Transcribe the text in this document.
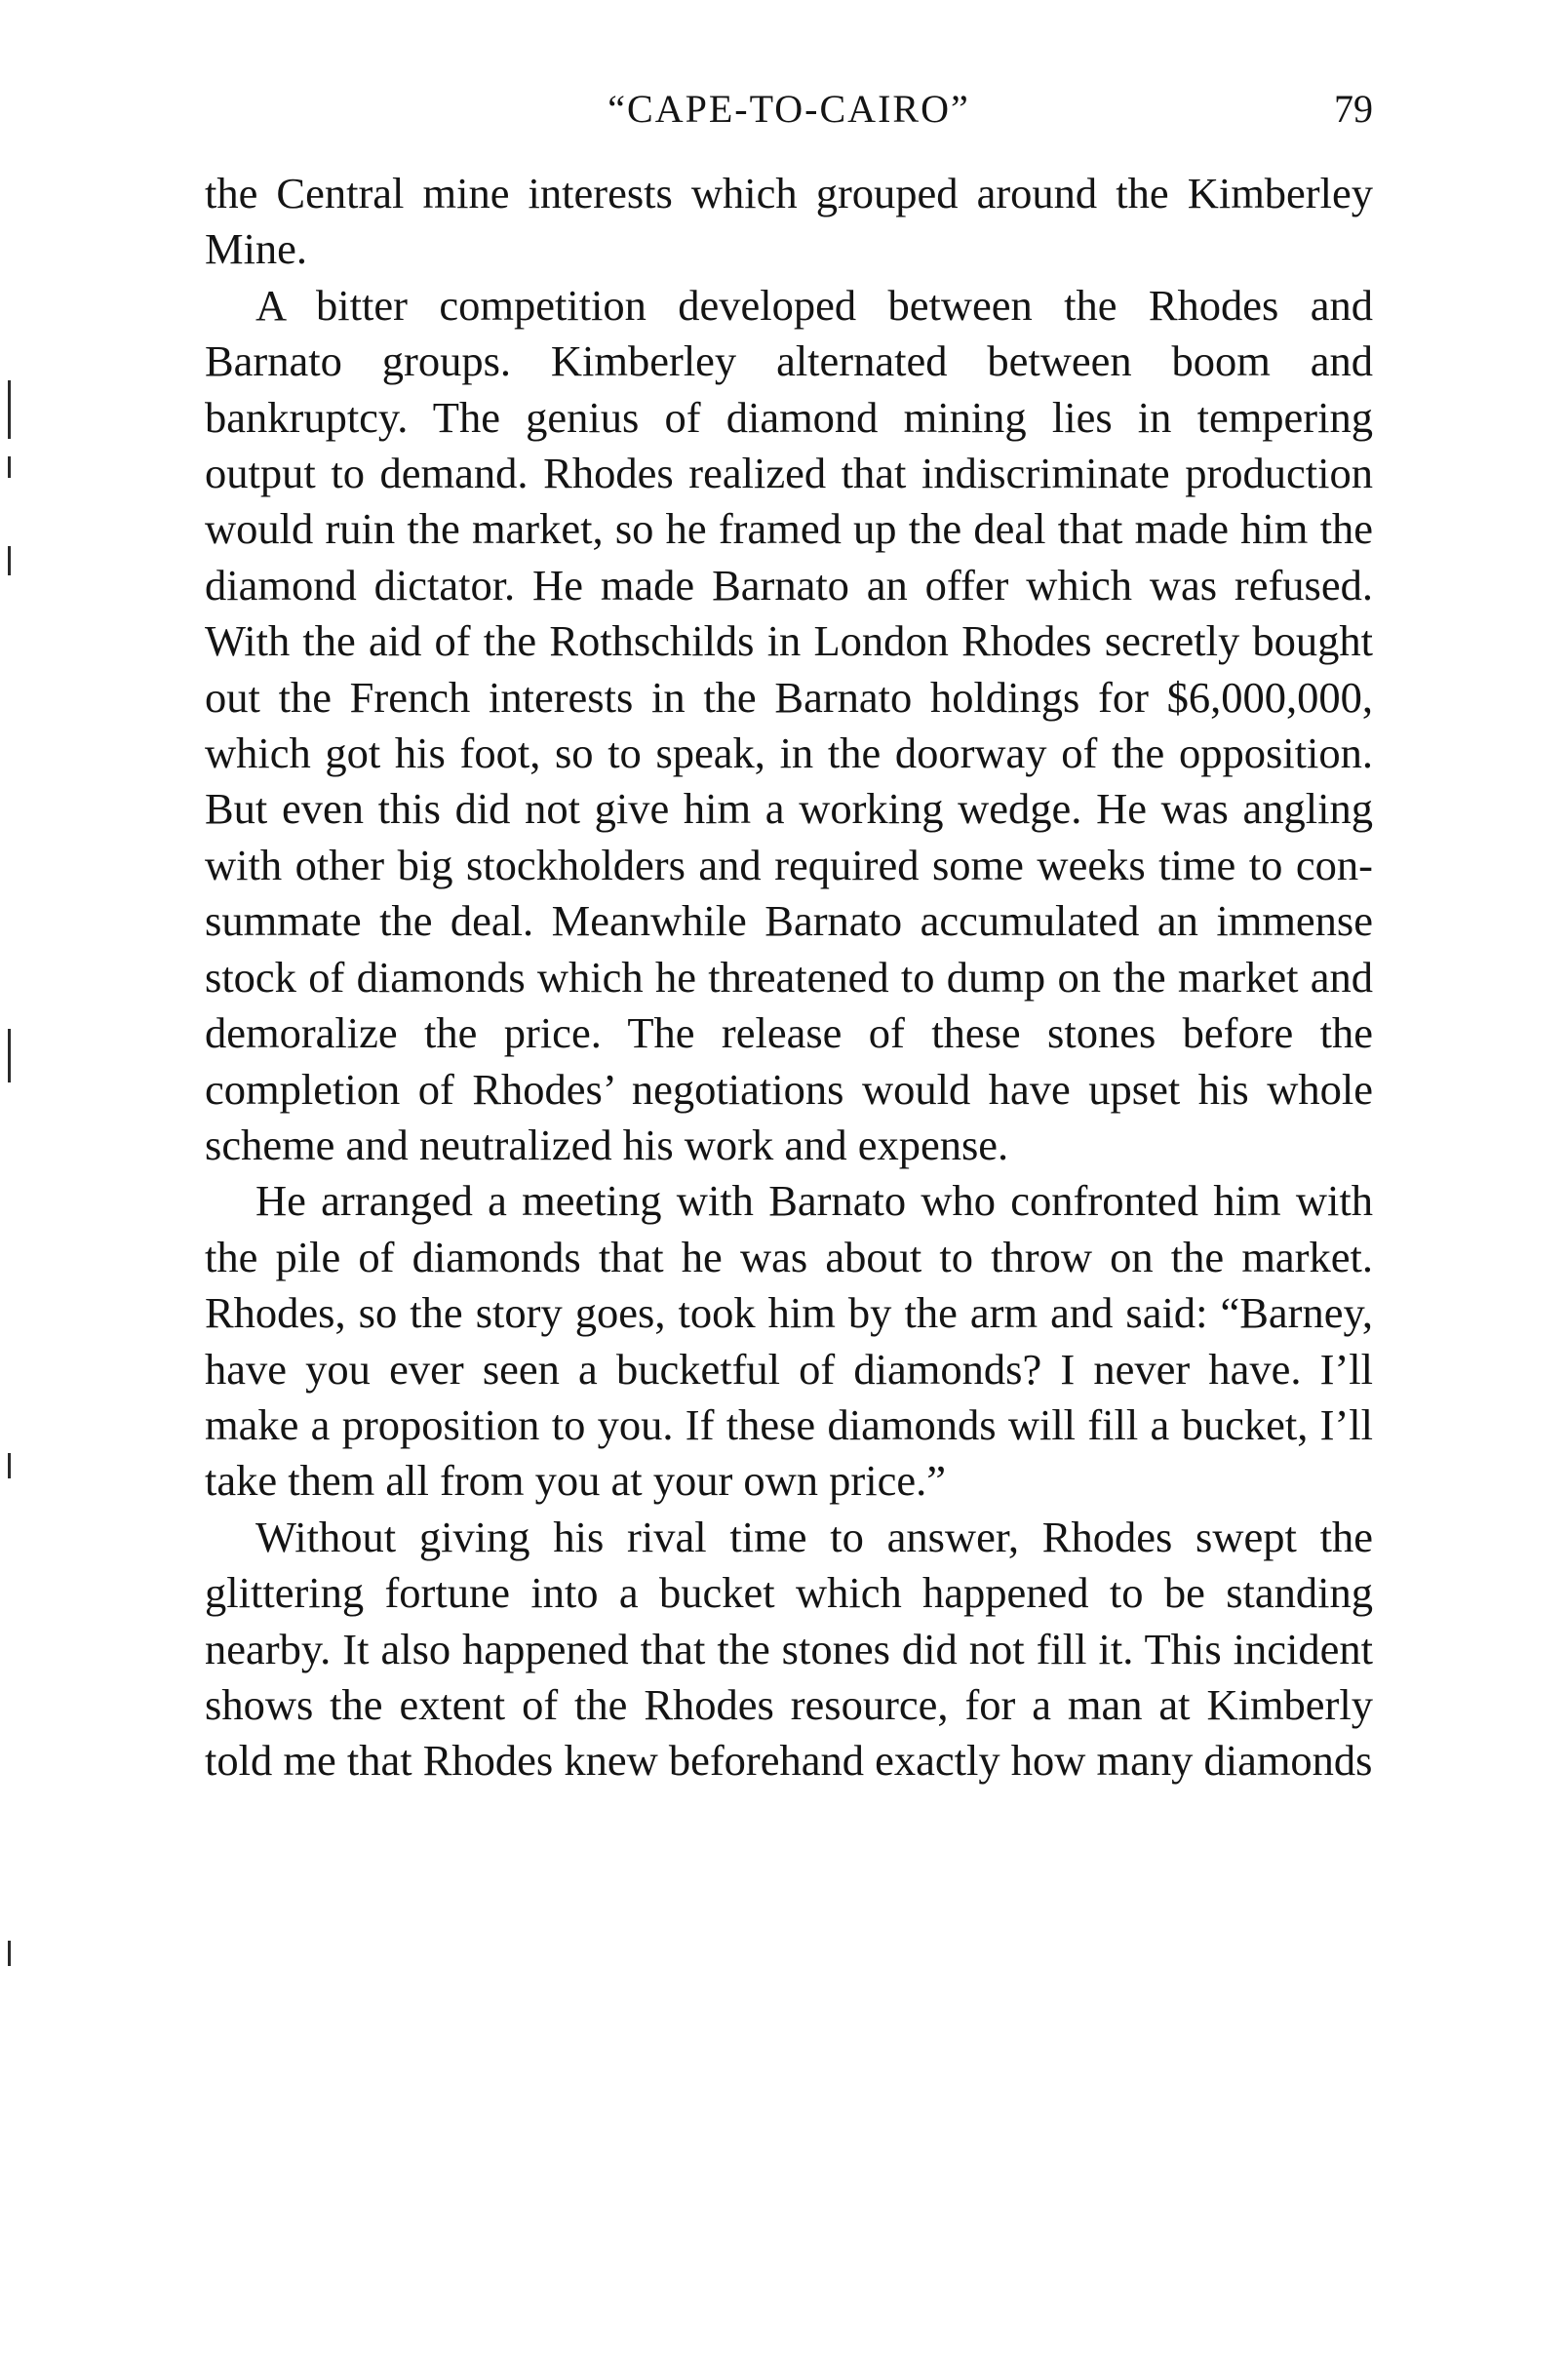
“CAPE-TO-CAIRO”	79

the Central mine interests which grouped around the Kimberley Mine.

A bitter competition developed between the Rhodes and Barnato groups. Kimberley alternated between boom and bankruptcy. The genius of diamond mining lies in tempering output to demand. Rhodes realized that indiscriminate production would ruin the market, so he framed up the deal that made him the diamond dictator. He made Barnato an offer which was refused. With the aid of the Rothschilds in London Rhodes secretly bought out the French interests in the Barnato holdings for $6,000,000, which got his foot, so to speak, in the doorway of the opposition. But even this did not give him a working wedge. He was angling with other big stockholders and required some weeks time to consummate the deal. Meanwhile Barnato accumulated an immense stock of diamonds which he threatened to dump on the market and demoralize the price. The release of these stones before the completion of Rhodes’ negotiations would have upset his whole scheme and neutralized his work and expense.

He arranged a meeting with Barnato who confronted him with the pile of diamonds that he was about to throw on the market. Rhodes, so the story goes, took him by the arm and said: “Barney, have you ever seen a bucketful of diamonds? I never have. I’ll make a proposition to you. If these diamonds will fill a bucket, I’ll take them all from you at your own price.”

Without giving his rival time to answer, Rhodes swept the glittering fortune into a bucket which happened to be standing nearby. It also happened that the stones did not fill it. This incident shows the extent of the Rhodes resource, for a man at Kimberly told me that Rhodes knew beforehand exactly how many diamonds
